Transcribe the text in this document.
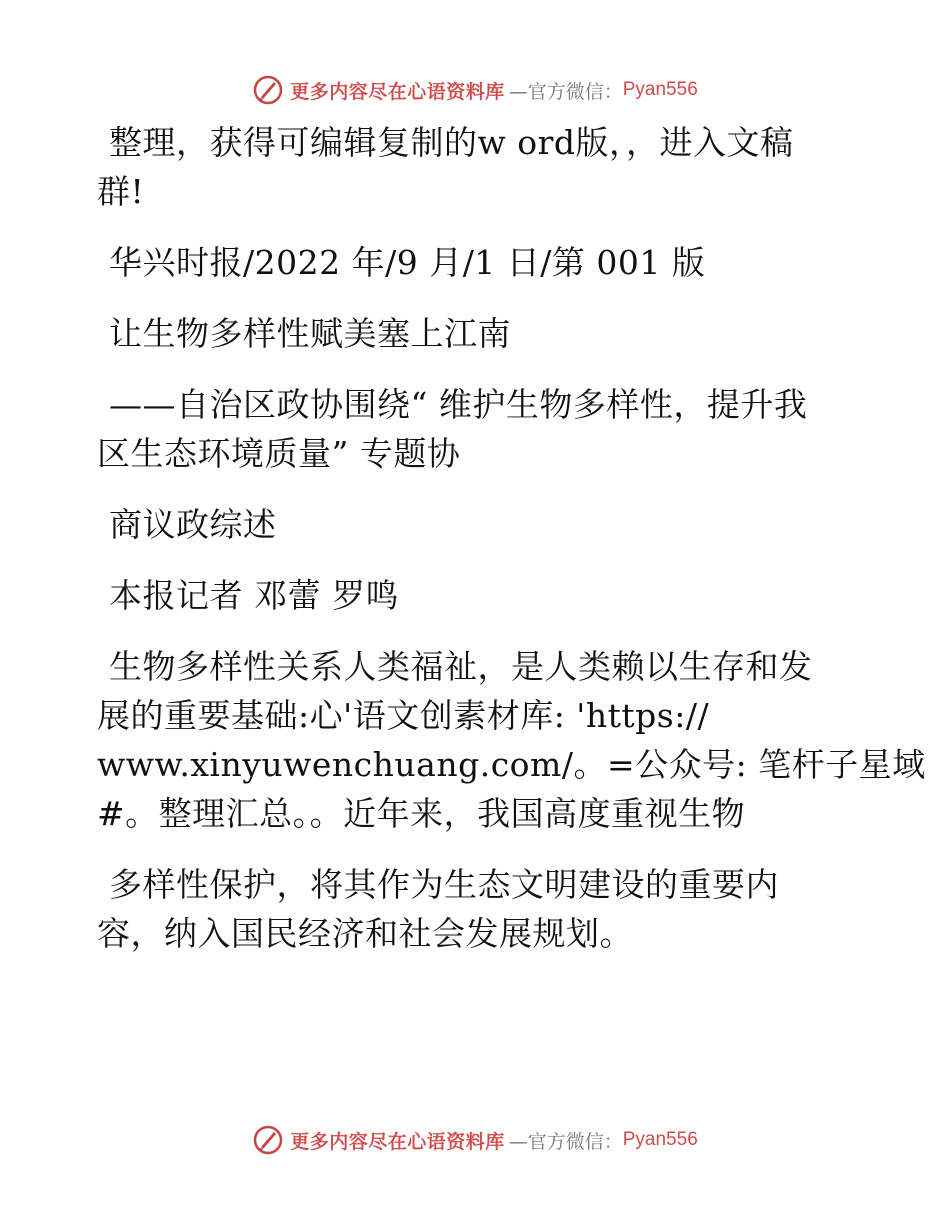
更多内容尽在心语资料库 —官方微信： Pyan556
整理，获得可编辑复制的w ord版，，进入文稿
群!
华兴时报/2022 年/9 月/1 日/第 001 版
让生物多样性赋美塞上江南
——自治区政协围绕“ 维护生物多样性，提升我
区生态环境质量” 专题协
商议政综述
本报记者 邓蕾 罗鸣
生物多样性关系人类福祉，是人类赖以生存和发
展的重要基础:心'语文创素材库: 'https://
www.xinyuwenchuang.com/。=公众号: 笔杆子星域
#。整理汇总。。近年来，我国高度重视生物
多样性保护，将其作为生态文明建设的重要内
容，纳入国民经济和社会发展规划。
更多内容尽在心语资料库 —官方微信： Pyan556
